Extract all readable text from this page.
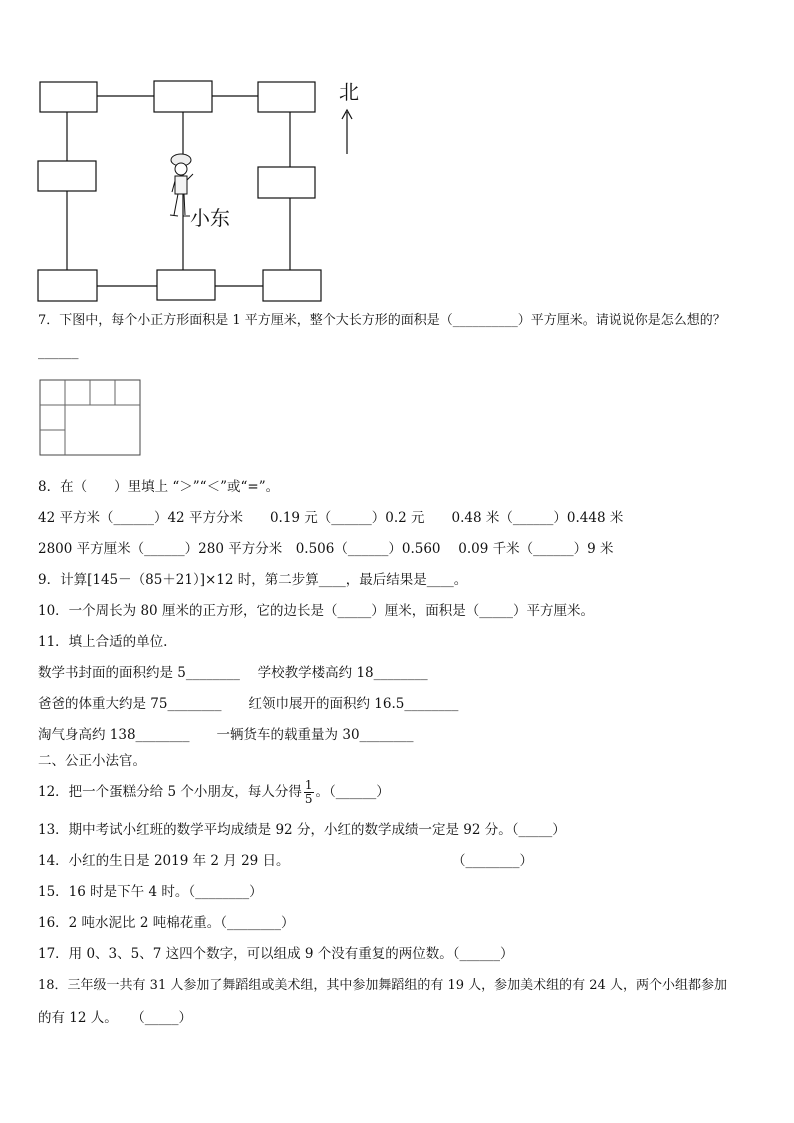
北
小东
7．下图中，每个小正方形面积是 1 平方厘米，整个大长方形的面积是（__________）平方厘米。请说说你是怎么想的？
______
8．在（　　）里填上 “＞”“＜”或“=”。
42 平方米（______）42 平方分米　　0.19 元（______）0.2 元　　0.48 米（______）0.448 米
2800 平方厘米（______）280 平方分米　0.506（______）0.560　 0.09 千米（______）9 米
9．计算[145－（85＋21）]×12 时，第二步算____，最后结果是____。
10．一个周长为 80 厘米的正方形，它的边长是（_____）厘米，面积是（_____）平方厘米。
11．填上合适的单位.
数学书封面的面积约是 5________　 学校教学楼高约 18________
爸爸的体重大约是 75________　　红领巾展开的面积约 16.5________
淘气身高约 138________　　一辆货车的载重量为 30________
二、公正小法官。
12．把一个蛋糕分给 5 个小朋友，每人分得 $\frac{1}{5}$ 。（______）
13．期中考试小红班的数学平均成绩是 92 分，小红的数学成绩一定是 92 分。（_____）
14．小红的生日是 2019 年 2 月 29 日。	（________）
15．16 时是下午 4 时。（________）
16．2 吨水泥比 2 吨棉花重。（________）
17．用 0、3、5、7 这四个数字，可以组成 9 个没有重复的两位数。（______）
18．三年级一共有 31 人参加了舞蹈组或美术组，其中参加舞蹈组的有 19 人，参加美术组的有 24 人，两个小组都参加
的有 12 人。　　（_____）
